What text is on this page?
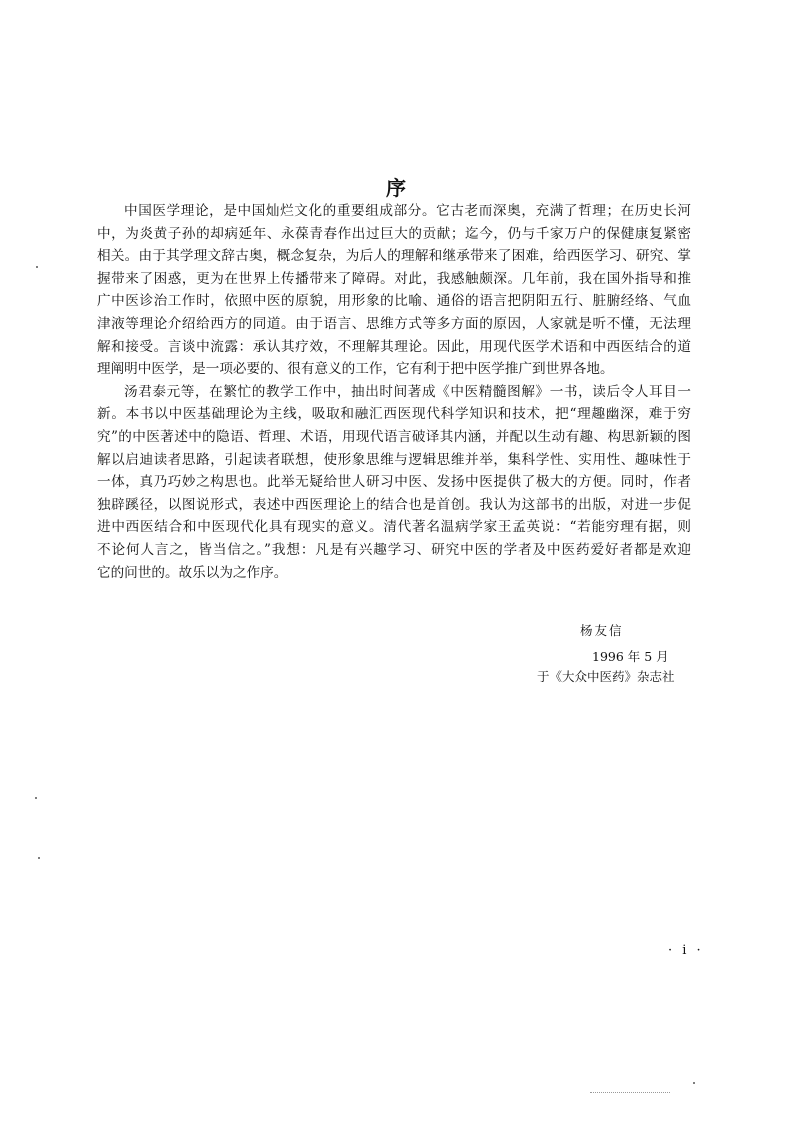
序
中国医学理论，是中国灿烂文化的重要组成部分。它古老而深奥，充满了哲理；在历史长河
中，为炎黄子孙的却病延年、永葆青春作出过巨大的贡献；迄今，仍与千家万户的保健康复紧密
相关。由于其学理文辞古奥，概念复杂，为后人的理解和继承带来了困难，给西医学习、研究、掌
握带来了困惑，更为在世界上传播带来了障碍。对此，我感触颇深。几年前，我在国外指导和推
广中医诊治工作时，依照中医的原貌，用形象的比喻、通俗的语言把阴阳五行、脏腑经络、气血
津液等理论介绍给西方的同道。由于语言、思维方式等多方面的原因，人家就是听不懂，无法理
解和接受。言谈中流露：承认其疗效，不理解其理论。因此，用现代医学术语和中西医结合的道
理阐明中医学，是一项必要的、很有意义的工作，它有利于把中医学推广到世界各地。
汤君泰元等，在繁忙的教学工作中，抽出时间著成《中医精髓图解》一书，读后令人耳目一
新。本书以中医基础理论为主线，吸取和融汇西医现代科学知识和技术，把“理趣幽深，难于穷
究”的中医著述中的隐语、哲理、术语，用现代语言破译其内涵，并配以生动有趣、构思新颖的图
解以启迪读者思路，引起读者联想，使形象思维与逻辑思维并举，集科学性、实用性、趣味性于
一体，真乃巧妙之构思也。此举无疑给世人研习中医、发扬中医提供了极大的方便。同时，作者
独辟蹊径，以图说形式，表述中西医理论上的结合也是首创。我认为这部书的出版，对进一步促
进中西医结合和中医现代化具有现实的意义。清代著名温病学家王孟英说：“若能穷理有据，则
不论何人言之，皆当信之。”我想：凡是有兴趣学习、研究中医的学者及中医药爱好者都是欢迎
它的问世的。故乐以为之作序。
杨友信
1996 年 5 月
于《大众中医药》杂志社
· i ·
